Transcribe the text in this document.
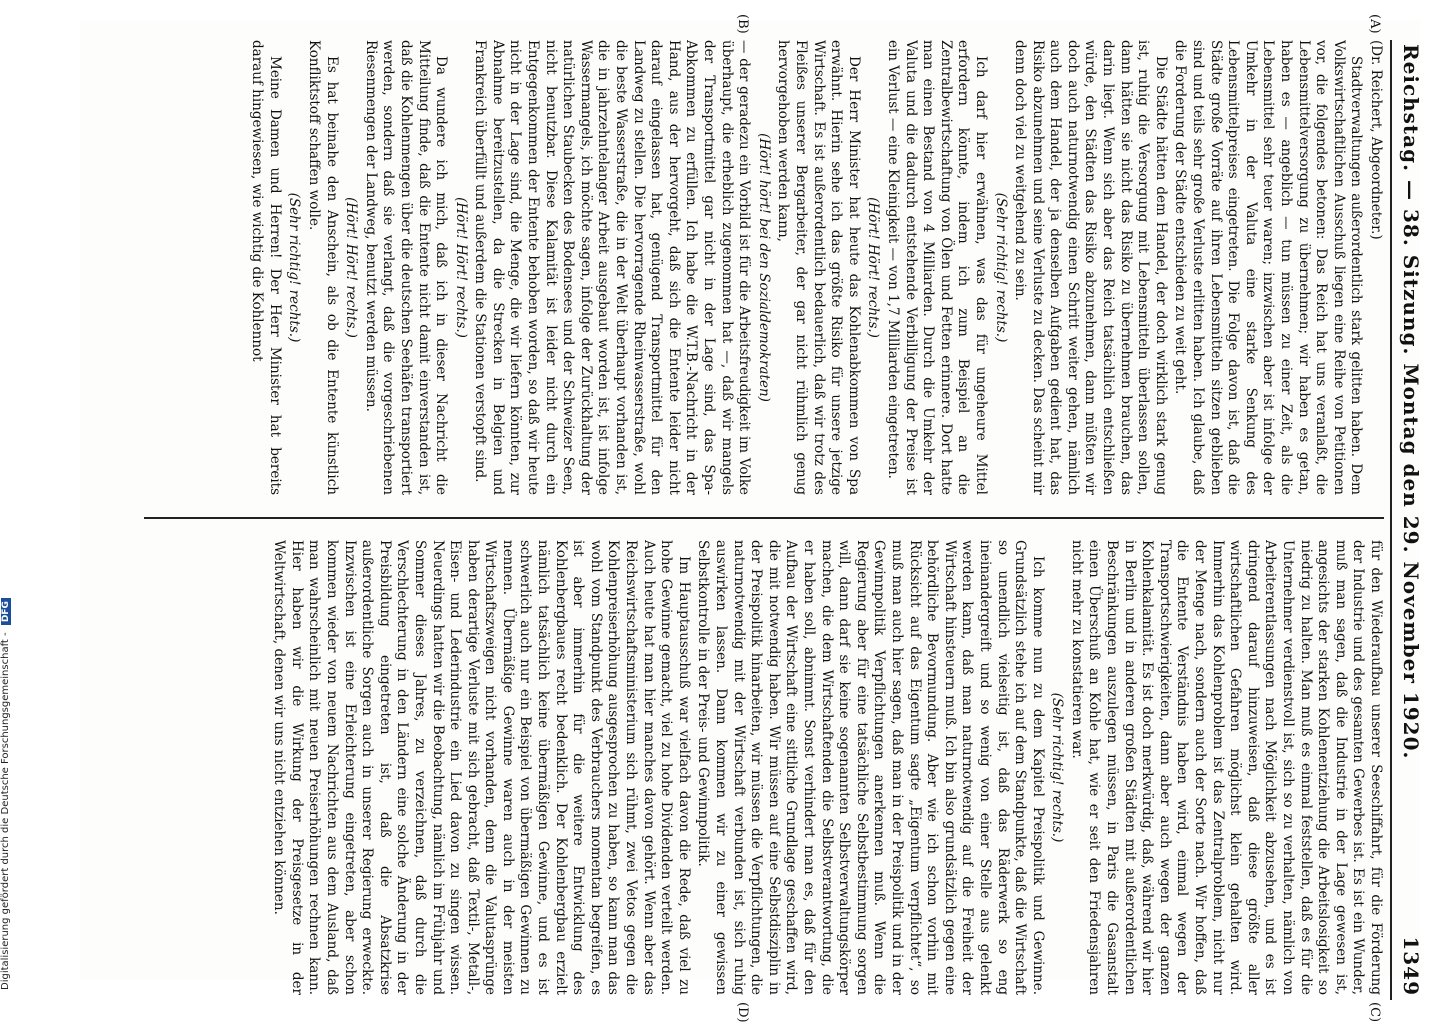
Reichstag. — 38. Sitzung. Montag den 29. November 1920.
1349

(Dr. Reichert, Abgeordneter.)

Stadtverwaltungen außerordentlich stark gelitten haben. Dem Volkswirtschaftlichen Ausschuß liegen eine Reihe von Petitionen vor, die folgendes betonen: Das Reich hat uns veranlaßt, die Lebensmittelversorgung zu übernehmen; wir haben es getan, haben es — angeblich — tun müssen zu einer Zeit, als die Lebensmittel sehr teuer waren; inzwischen aber ist infolge der Umkehr in der Valuta eine starke Senkung des Lebensmittelpreises eingetreten. Die Folge davon ist, daß die Städte große Vorräte auf ihren Lebensmitteln sitzen geblieben sind und teils sehr große Verluste erlitten haben. Ich glaube, daß die Forderung der Städte entschieden zu weit geht.

Die Städte hätten dem Handel, der doch wirklich stark genug ist, ruhig die Versorgung mit Lebensmitteln überlassen sollen, dann hätten sie nicht das Risiko zu übernehmen brauchen, das darin liegt. Wenn sich aber das Reich tatsächlich entschließen würde, den Städten das Risiko abzunehmen, dann müßten wir doch auch naturnotwendig einen Schritt weiter gehen, nämlich auch dem Handel, der ja denselben Aufgaben gedient hat, das Risiko abzunehmen und seine Verluste zu decken. Das scheint mir denn doch viel zu weitgehend zu sein.

(Sehr richtig! rechts.)

Ich darf hier erwähnen, was das für ungeheure Mittel erfordern könnte, indem ich zum Beispiel an die Zentralbewirtschaftung von Ölen und Fetten erinnere. Dort hatte man einen Bestand von 4 Milliarden. Durch die Umkehr der Valuta und die dadurch entstehende Verbilligung der Preise ist ein Verlust — eine Kleinigkeit — von 1,7 Milliarden eingetreten.

(Hört! Hört! rechts.)

Der Herr Minister hat heute das Kohlenabkommen von Spa erwähnt. Hierin sehe ich das größte Risiko für unsere jetzige Wirtschaft. Es ist außerordentlich bedauerlich, daß wir trotz des Fleißes unserer Bergarbeiter, der gar nicht rühmlich genug hervorgehoben werden kann,

(Hört! hört! bei den Sozialdemokraten)

— der geradezu ein Vorbild ist für die Arbeitsfreudigkeit im Volke überhaupt, die erheblich zugenommen hat —, daß wir mangels der Transportmittel gar nicht in der Lage sind, das Spa-Abkommen zu erfüllen. Ich habe die W.T.B.-Nachricht in der Hand, aus der hervorgeht, daß sich die Entente leider nicht darauf eingelassen hat, genügend Transportmittel für den Landweg zu stellen. Die hervorragende Rheinwasserstraße, wohl die beste Wasserstraße, die in der Welt überhaupt vorhanden ist, die in jahrzehntelanger Arbeit ausgebaut worden ist, ist infolge Wassermangels, ich möchte sagen, infolge der Zurückhaltung der natürlichen Staubecken des Bodensees und der Schweizer Seen, nicht benutzbar. Diese Kalamität ist leider nicht durch ein Entgegenkommen der Entente behoben worden, so daß wir heute nicht in der Lage sind, die Menge, die wir liefern könnten, zur Abnahme bereitzustellen, da die Strecken in Belgien und Frankreich überfüllt und außerdem die Stationen verstopft sind.

(Hört! Hört! rechts.)

Da wundere ich mich, daß ich in dieser Nachricht die Mitteilung finde, daß die Entente nicht damit einverstanden ist, daß die Kohlenmengen über die deutschen Seehäfen transportiert werden, sondern daß sie verlangt, daß die vorgeschriebenen Riesenmengen der Landweg, benutzt werden müssen.

(Hört! Hört! rechts.)

Es hat beinahe den Anschein, als ob die Entente künstlich Konfliktstoff schaffen wolle.

(Sehr richtig! rechts.)

Meine Damen und Herren! Der Herr Minister hat bereits darauf hingewiesen, wie wichtig die Kohlennot

für den Wiederaufbau unserer Seeschiffahrt, für die Förderung der Industrie und des gesamten Gewerbes ist. Es ist ein Wunder, muß man sagen, daß die Industrie in der Lage gewesen ist, angesichts der starken Kohlenentziehung die Arbeitslosigkeit so niedrig zu halten. Man muß es einmal feststellen, daß es für die Unternehmer verdienstvoll ist, sich so zu verhalten, nämlich von Arbeiterentlassungen nach Möglichkeit abzusehen, und es ist dringend darauf hinzuweisen, daß diese größte aller wirtschaftlichen Gefahren möglichst klein gehalten wird. Immerhin das Kohlenproblem ist das Zentralproblem, nicht nur der Menge nach, sondern auch der Sorte nach. Wir hoffen, daß die Entente Verständnis haben wird, einmal wegen der Transportschwierigkeiten, dann aber auch wegen der ganzen Kohlenkalamität. Es ist doch merkwürdig, daß, während wir hier in Berlin und in anderen großen Städten mit außerordentlichen Beschränkungen auszulegen müssen, in Paris die Gasanstalt einen Überschuß an Kohle hat, wie er seit den Friedensjahren nicht mehr zu konstatieren war.

(Sehr richtig! rechts.)

Ich komme nun zu dem Kapitel Preispolitik und Gewinne. Grundsätzlich stehe ich auf dem Standpunkte, daß die Wirtschaft so unendlich vielseitig ist, daß das Räderwerk so eng ineinandergreift und so wenig von einer Stelle aus gelenkt werden kann, daß man naturnotwendig auf die Freiheit der Wirtschaft hinsteuern muß. Ich bin also grundsätzlich gegen eine behördliche Bevormundung. Aber wie ich schon vorhin mit Rücksicht auf das Eigentum sagte „Eigentum verpflichtet“, so muß man auch hier sagen, daß man in der Preispolitik und in der Gewinnpolitik Verpflichtungen anerkennen muß. Wenn die Regierung aber für eine tatsächliche Selbstbestimmung sorgen will, dann darf sie keine sogenannten Selbstverwaltungskörper machen, die dem Wirtschaftenden die Selbstverantwortung, die er haben soll, abnimmt. Sonst verhindert man es, daß für den Aufbau der Wirtschaft eine sittliche Grundlage geschaffen wird, die mit notwendig haben. Wir müssen auf eine Selbstdisziplin in der Preispolitik hinarbeiten, wir müssen die Verpflichtungen, die naturnotwendig mit der Wirtschaft verbunden ist, sich ruhig auswirken lassen. Dann kommen wir zu einer gewissen Selbstkontrolle in der Preis- und Gewinnpolitik.

Im Hauptausschuß war vielfach davon die Rede, daß viel zu hohe Gewinne gemacht, viel zu hohe Dividenden verteilt werden. Auch heute hat man hier manches davon gehört. Wenn aber das Reichswirtschaftsministerium sich rühmt, zwei Vetos gegen die Kohlenpreiserhöhung ausgesprochen zu haben, so kann man das wohl vom Standpunkt des Verbrauchers momentan begreifen, es ist aber immerhin für die weitere Entwicklung des Kohlenbergbaues recht bedenklich. Der Kohlenbergbau erzielt nämlich tatsächlich keine übermäßigen Gewinne, und es ist schwerlich auch nur ein Beispiel von übermäßigen Gewinnen zu nennen. Übermäßige Gewinne waren auch in der meisten Wirtschaftszweigen nicht vorhanden, denn die Valutasprünge haben derartige Verluste mit sich gebracht, daß Textil-, Metall-, Eisen- und Lederindustrie ein Lied davon zu singen wissen. Neuerdings hatten wir die Beobachtung, nämlich im Frühjahr und Sommer dieses Jahres, zu verzeichnen, daß durch die Verschlechterung in den Ländern eine solche Änderung in der Preisbildung eingetreten ist, daß die Absatzkrise außerordentliche Sorgen auch in unserer Regierung erweckte. Inzwischen ist eine Erleichterung eingetreten, aber schon kommen wieder von neuem Nachrichten aus dem Ausland, daß man wahrscheinlich mit neuen Preiserhöhungen rechnen kann. Hier haben wir die Wirkung der Preisgesetze in der Weltwirtschaft, denen wir uns nicht entziehen können.

(A)
(B)
(C)
(D)
Digitalisierung gefördert durch die Deutsche Forschungsgemeinschaft - DFG
